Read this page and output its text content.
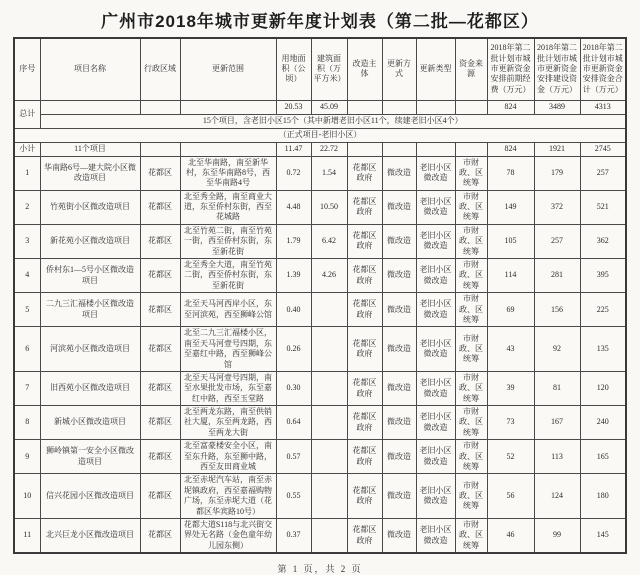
广州市2018年城市更新年度计划表（第二批—花都区）
序号	项目名称	行政区域	更新范围	用地面积（公顷）	建筑面积（万平方米）	改造主体	更新方式	更新类型	资金来源	2018年第二批计划市城市更新资金安排前期经费（万元）	2018年第二批计划市城市更新资金安排建设资金（万元）	2018年第二批计划市城市更新资金安排资金合计（万元）
总计				20.53	45.09					824	3489	4313
	15个项目，含老旧小区15个（其中新增老旧小区11个，续建老旧小区4个）											
（正式项目-老旧小区）												
小计	11个项目			11.47	22.72					824	1921	2745
1	华南路6号—建大院小区微改造项目	花都区	北至华南路，南至新华村，东至华南路8号，西至华南路4号	0.72	1.54	花都区政府	微改造	老旧小区微改造	市财政、区统筹	78	179	257
2	竹苑街小区微改造项目	花都区	北至秀全路，南至商业大道，东至侨村东街，西至花城路	4.48	10.50	花都区政府	微改造	老旧小区微改造	市财政、区统筹	149	372	521
3	新花苑小区微改造项目	花都区	北至竹苑二街，南至竹苑一街，西至侨村东街，东至新花街	1.79	6.42	花都区政府	微改造	老旧小区微改造	市财政、区统筹	105	257	362
4	侨村东1—5号小区微改造项目	花都区	北至秀全大道，南至竹苑二街，西至侨村东街，东至新花街	1.39	4.26	花都区政府	微改造	老旧小区微改造	市财政、区统筹	114	281	395
5	二九三汇福楼小区微改造项目	花都区	北至天马河西岸小区，东至河滨苑，西至狮峰公馆	0.40		花都区政府	微改造	老旧小区微改造	市财政、区统筹	69	156	225
6	河滨苑小区微改造项目	花都区	北至二九三汇福楼小区，南至天马河壹号四期，东至嘉红中路，西至狮峰公馆	0.26		花都区政府	微改造	老旧小区微改造	市财政、区统筹	43	92	135
7	旧西苑小区微改造项目	花都区	北至天马河壹号四期，南至水果批发市场，东至嘉红中路，西至玉堂路	0.30		花都区政府	微改造	老旧小区微改造	市财政、区统筹	39	81	120
8	新城小区微改造项目	花都区	北至两龙东路，南至供销社大厦，东至两龙路，西至两龙大街	0.64		花都区政府	微改造	老旧小区微改造	市财政、区统筹	73	167	240
9	狮岭镇第一安全小区微改造项目	花都区	北至富豪楼安全小区，南至东升路，东至狮中路，西至友田商业城	0.57		花都区政府	微改造	老旧小区微改造	市财政、区统筹	52	113	165
10	信兴花园小区微改造项目	花都区	北至赤坭汽车站，南至赤坭镇政府，西至嘉福购物广场，东至赤坭大道（花都区华宾路10号）	0.55		花都区政府	微改造	老旧小区微改造	市财政、区统筹	56	124	180
11	北兴巨龙小区微改造项目	花都区	花都大道S118与北兴街交界处无名路（金色童年幼儿园东侧）	0.37		花都区政府	微改造	老旧小区微改造	市财政、区统筹	46	99	145
第 1 页，共 2 页
